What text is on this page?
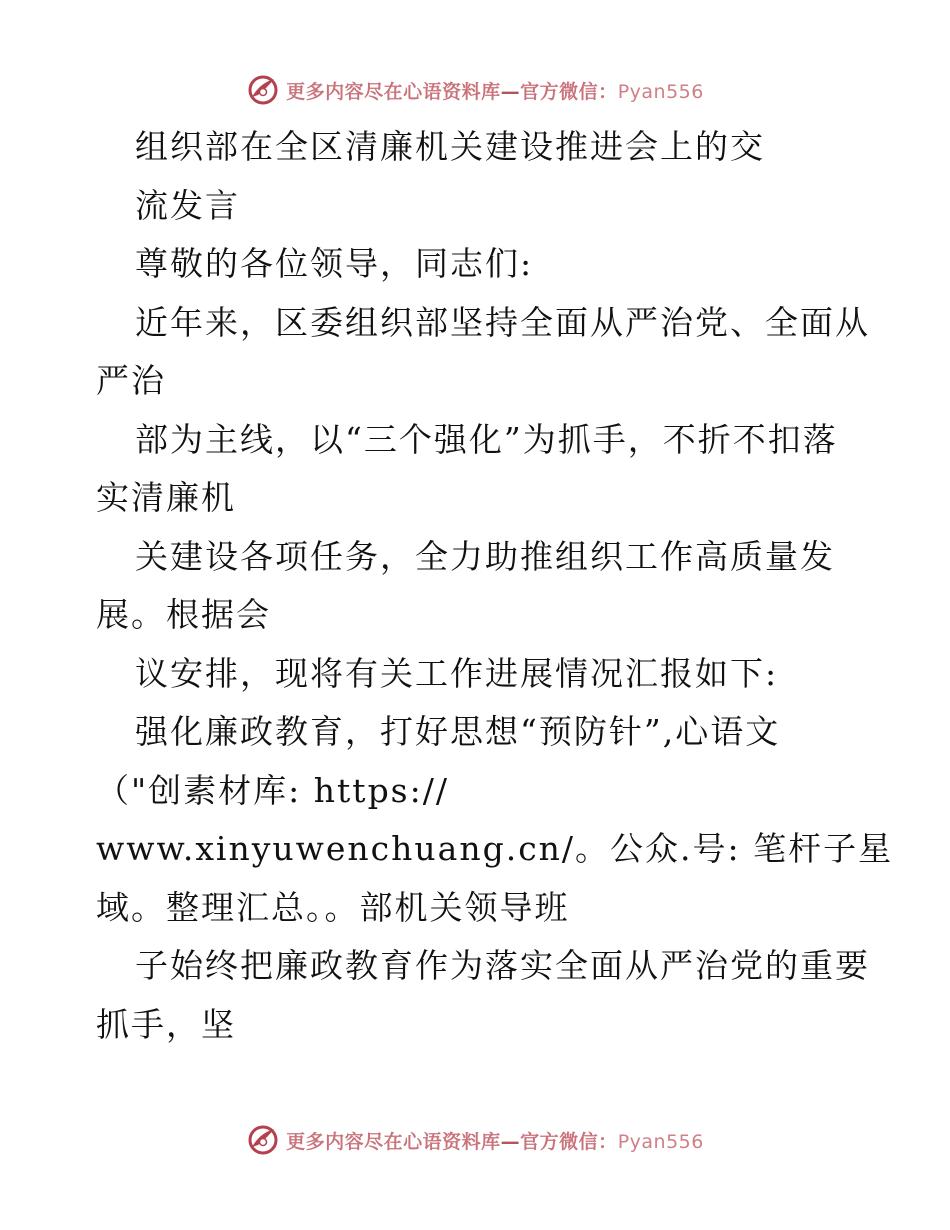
更多内容尽在心语资料库—官方微信：Pyan556
组织部在全区清廉机关建设推进会上的交
流发言
尊敬的各位领导，同志们:
近年来，区委组织部坚持全面从严治党、全面从
严治
部为主线，以“三个强化”为抓手，不折不扣落
实清廉机
关建设各项任务，全力助推组织工作高质量发
展。根据会
议安排，现将有关工作进展情况汇报如下:
强化廉政教育，打好思想“预防针”,心语文
（"创素材库: https://
www.xinyuwenchuang.cn/。公众.号: 笔杆子星
域。整理汇总。。部机关领导班
子始终把廉政教育作为落实全面从严治党的重要
抓手，坚
更多内容尽在心语资料库—官方微信：Pyan556
